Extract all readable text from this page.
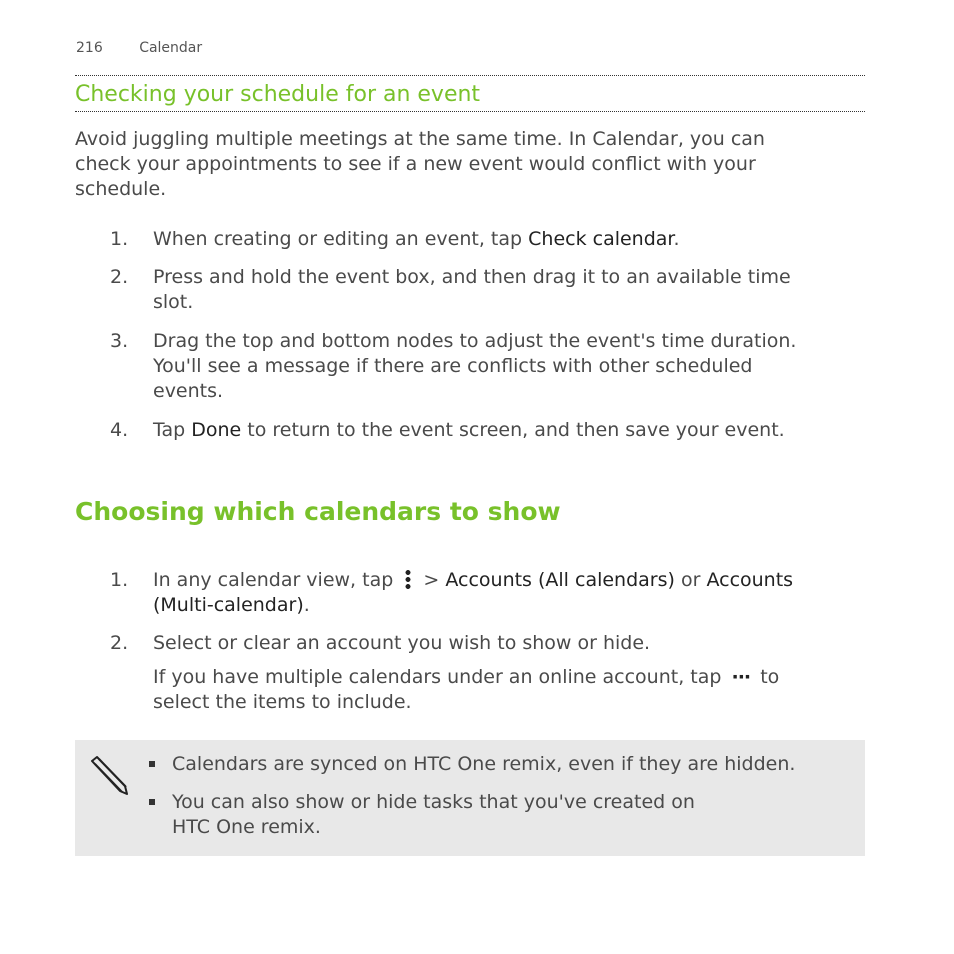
216	Calendar
Checking your schedule for an event

Avoid juggling multiple meetings at the same time. In Calendar, you can
check your appointments to see if a new event would conflict with your
schedule.

1. When creating or editing an event, tap Check calendar.
2. Press and hold the event box, and then drag it to an available time
slot.
3. Drag the top and bottom nodes to adjust the event's time duration.
You'll see a message if there are conflicts with other scheduled
events.
4. Tap Done to return to the event screen, and then save your event.
Choosing which calendars to show
1. In any calendar view, tap  > Accounts (All calendars) or Accounts
(Multi-calendar).
2. Select or clear an account you wish to show or hide.
If you have multiple calendars under an online account, tap ··· to
select the items to include.
Calendars are synced on HTC One remix, even if they are hidden.
You can also show or hide tasks that you've created on
HTC One remix.
